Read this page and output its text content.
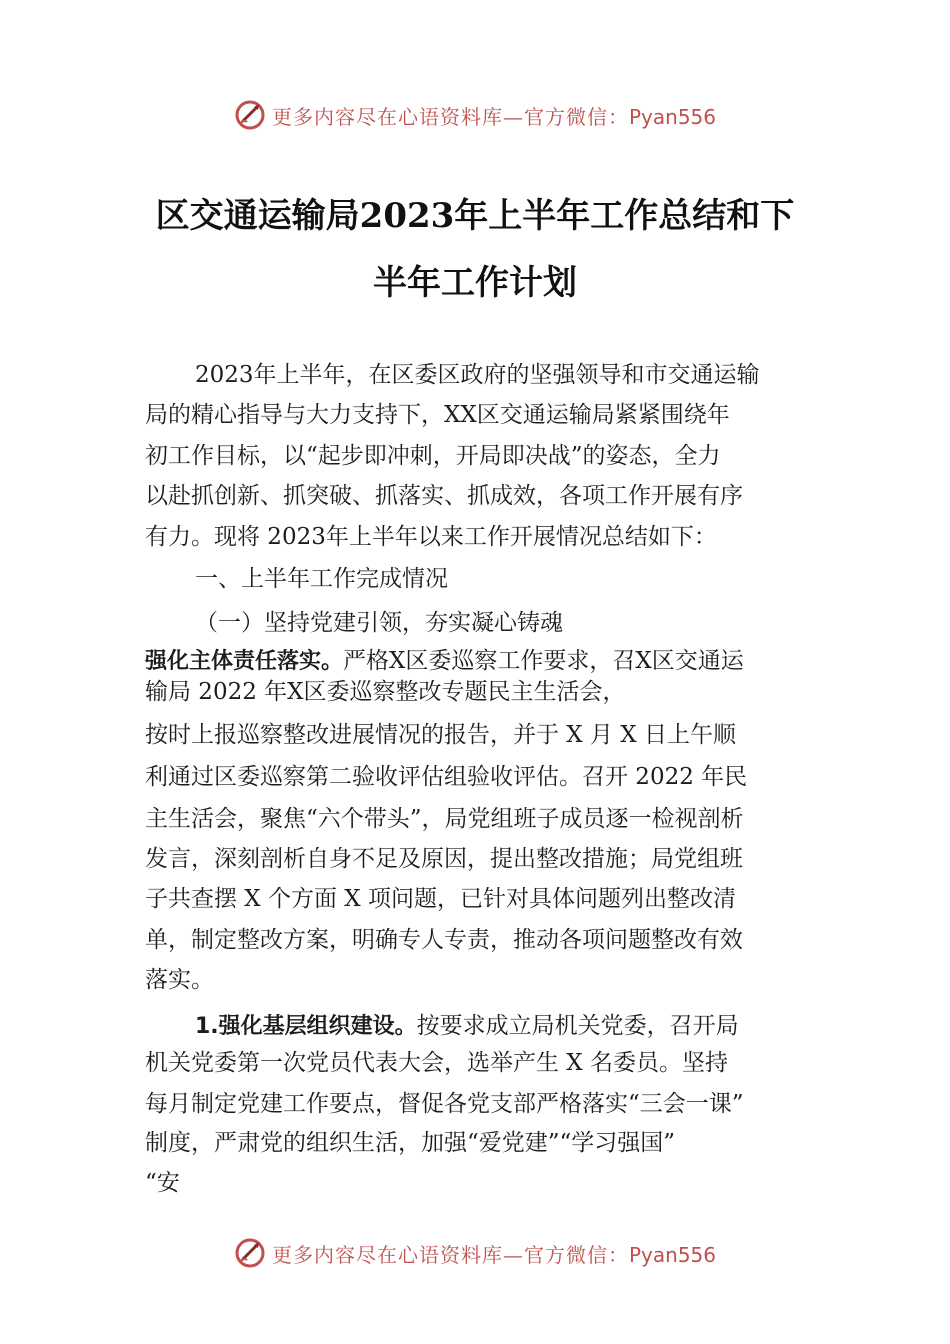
更多内容尽在心语资料库—官方微信：Pyan556
区交通运输局2023年上半年工作总结和下
半年工作计划
2023年上半年，在区委区政府的坚强领导和市交通运输
局的精心指导与大力支持下，XX区交通运输局紧紧围绕年
初工作目标，以“起步即冲刺，开局即决战”的姿态，全力
以赴抓创新、抓突破、抓落实、抓成效，各项工作开展有序
有力。现将 2023年上半年以来工作开展情况总结如下：
一、上半年工作完成情况
（一）坚持党建引领，夯实凝心铸魂
强化主体责任落实。严格X区委巡察工作要求，召X区交通运
输局 2022 年X区委巡察整改专题民主生活会，
按时上报巡察整改进展情况的报告，并于 X 月 X 日上午顺
利通过区委巡察第二验收评估组验收评估。召开 2022 年民
主生活会，聚焦“六个带头”，局党组班子成员逐一检视剖析
发言，深刻剖析自身不足及原因，提出整改措施；局党组班
子共查摆 X 个方面 X 项问题，已针对具体问题列出整改清
单，制定整改方案，明确专人专责，推动各项问题整改有效
落实。
1.强化基层组织建设。按要求成立局机关党委，召开局
机关党委第一次党员代表大会，选举产生 X 名委员。坚持
每月制定党建工作要点，督促各党支部严格落实“三会一课”
制度，严肃党的组织生活，加强“爱党建”“学习强国”
“安
更多内容尽在心语资料库—官方微信：Pyan556
